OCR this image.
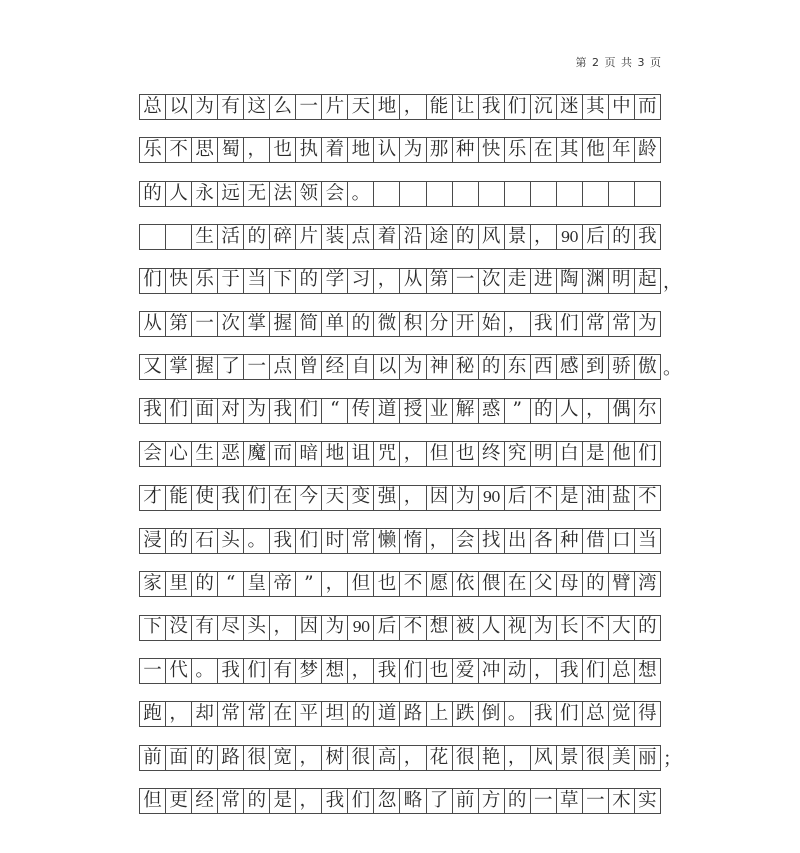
第 2 页 共 3 页
总 以 为 有 这 么 一 片 天 地 ， 能 让 我 们 沉 迷 其 中 而
乐 不 思 蜀 ， 也 执 着 地 认 为 那 种 快 乐 在 其 他 年 龄
的 人 永 远 无 法 领 会 。
生 活 的 碎 片 装 点 着 沿 途 的 风 景 ， 90 后 的 我
们 快 乐 于 当 下 的 学 习 ， 从 第 一 次 走 进 陶 渊 明 起 ，
从 第 一 次 掌 握 简 单 的 微 积 分 开 始 ， 我 们 常 常 为
又 掌 握 了 一 点 曾 经 自 以 为 神 秘 的 东 西 感 到 骄 傲 。
我 们 面 对 为 我 们 “ 传 道 授 业 解 惑 ” 的 人 ， 偶 尔
会 心 生 恶 魔 而 暗 地 诅 咒 ， 但 也 终 究 明 白 是 他 们
才 能 使 我 们 在 今 天 变 强 ， 因 为 90 后 不 是 油 盐 不
浸 的 石 头 。 我 们 时 常 懒 惰 ， 会 找 出 各 种 借 口 当
家 里 的 “ 皇 帝 ” ， 但 也 不 愿 依 偎 在 父 母 的 臂 湾
下 没 有 尽 头 ， 因 为 90 后 不 想 被 人 视 为 长 不 大 的
一 代 。 我 们 有 梦 想 ， 我 们 也 爱 冲 动 ， 我 们 总 想
跑 ， 却 常 常 在 平 坦 的 道 路 上 跌 倒 。 我 们 总 觉 得
前 面 的 路 很 宽 ， 树 很 高 ， 花 很 艳 ， 风 景 很 美 丽 ；
但 更 经 常 的 是 ， 我 们 忽 略 了 前 方 的 一 草 一 木 实
